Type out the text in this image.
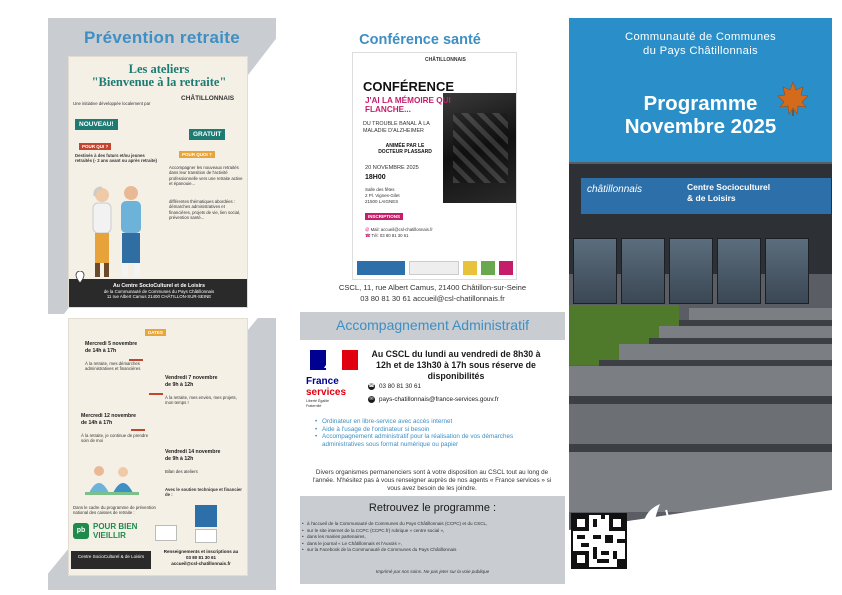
Prévention retraite
Les ateliers
"Bienvenue à la retraite"
Une initiative développée localement par
CHÂTILLONNAIS
NOUVEAU!
GRATUIT
POUR QUI ?
Destinés à des futurs et/ou jeunes retraités (- 2 ans avant ou après retraite)
POUR QUOI ?
Accompagner les nouveaux retraités dans leur transition de l'activité professionnelle vers une retraite active et épanouie...
différentes thématiques abordées : démarches administratives et financières, projets de vie, lien social, prévention santé...
Au Centre SocioCulturel et de Loisirs
de la Communauté de Communes du Pays Châtillonnais
11 rue Albert Camus 21400 CHÂTILLON-SUR-SEINE
DATES
Mercredi 5 novembre
de 14h à 17h
À la retraite, mes démarches administratives et financières
Vendredi 7 novembre
de 9h à 12h
À la retraite, mes envies, mes projets, mon temps !
Mercredi 12 novembre
de 14h à 17h
À la retraite, je continue de prendre soin de moi
Vendredi 14 novembre
de 9h à 12h
Bilan des ateliers
Avec le soutien technique et financier de :
Dans le cadre du programme de prévention national des caisses de retraite :
pb POUR BIEN
VIEILLIR
Centre SocioCulturel & de Loisirs
Renseignements et inscriptions au
03 80 81 30 61
accueil@csl-chatillonnais.fr
Conférence santé
CHÂTILLONNAIS
CONFÉRENCE
J'AI LA MÉMOIRE QUI FLANCHE...
DU TROUBLE BANAL À LA MALADIE D'ALZHEIMER
ANIMÉE PAR LE
DOCTEUR PLASSARD
20 NOVEMBRE 2025
18H00
Salle des fêtes
2 Pl. Vignes-Gilet
21500 LAIGNES
INSCRIPTIONS
@ Mail: accueil@csl-chatillonnais.fr
☎ Tél: 03 80 81 30 61
CSCL, 11, rue Albert Camus, 21400 Châtillon-sur-Seine
03 80 81 30 61 accueil@csl-chatillonnais.fr
Accompagnement Administratif
France
services
Liberté Égalité Fraternité
Au CSCL du lundi au vendredi de 8h30 à 12h et de 13h30 à 17h sous réserve de disponibilités
☎ 03 80 81 30 61
✉ pays-chatillonnais@france-services.gouv.fr
• Ordinateur en libre-service avec accès internet
• Aide à l'usage de l'ordinateur si besoin
• Accompagnement administratif pour la réalisation de vos démarches administratives sous format numérique ou papier
Divers organismes permanenciers sont à votre disposition au CSCL tout au long de l'année. N'hésitez pas à vous renseigner auprès de nos agents « France services » si vous avez besoin de les joindre.
Retrouvez le programme :
• à l'accueil de la Communauté de Communes du Pays Châtillonnais (CCPC) et du CSCL,
• sur le site internet de la CCPC (CCPC.fr) rubrique « centre social »,
• dans les mairies partenaires,
• dans le journal « Le Châtillonnais et l'Auxois »,
• sur la Facebook de la Communauté de Communes du Pays Châtillonnais
Imprimé par nos soins. Ne pas jeter sur la voie publique
Communauté de Communes
du Pays Châtillonnais
Programme
Novembre 2025
châtillonnais	Centre Socioculturel
& de Loisirs
Communauté de Communes du
CHÂTILLONNAIS
Terres de Vie
en BOURGOGNE
